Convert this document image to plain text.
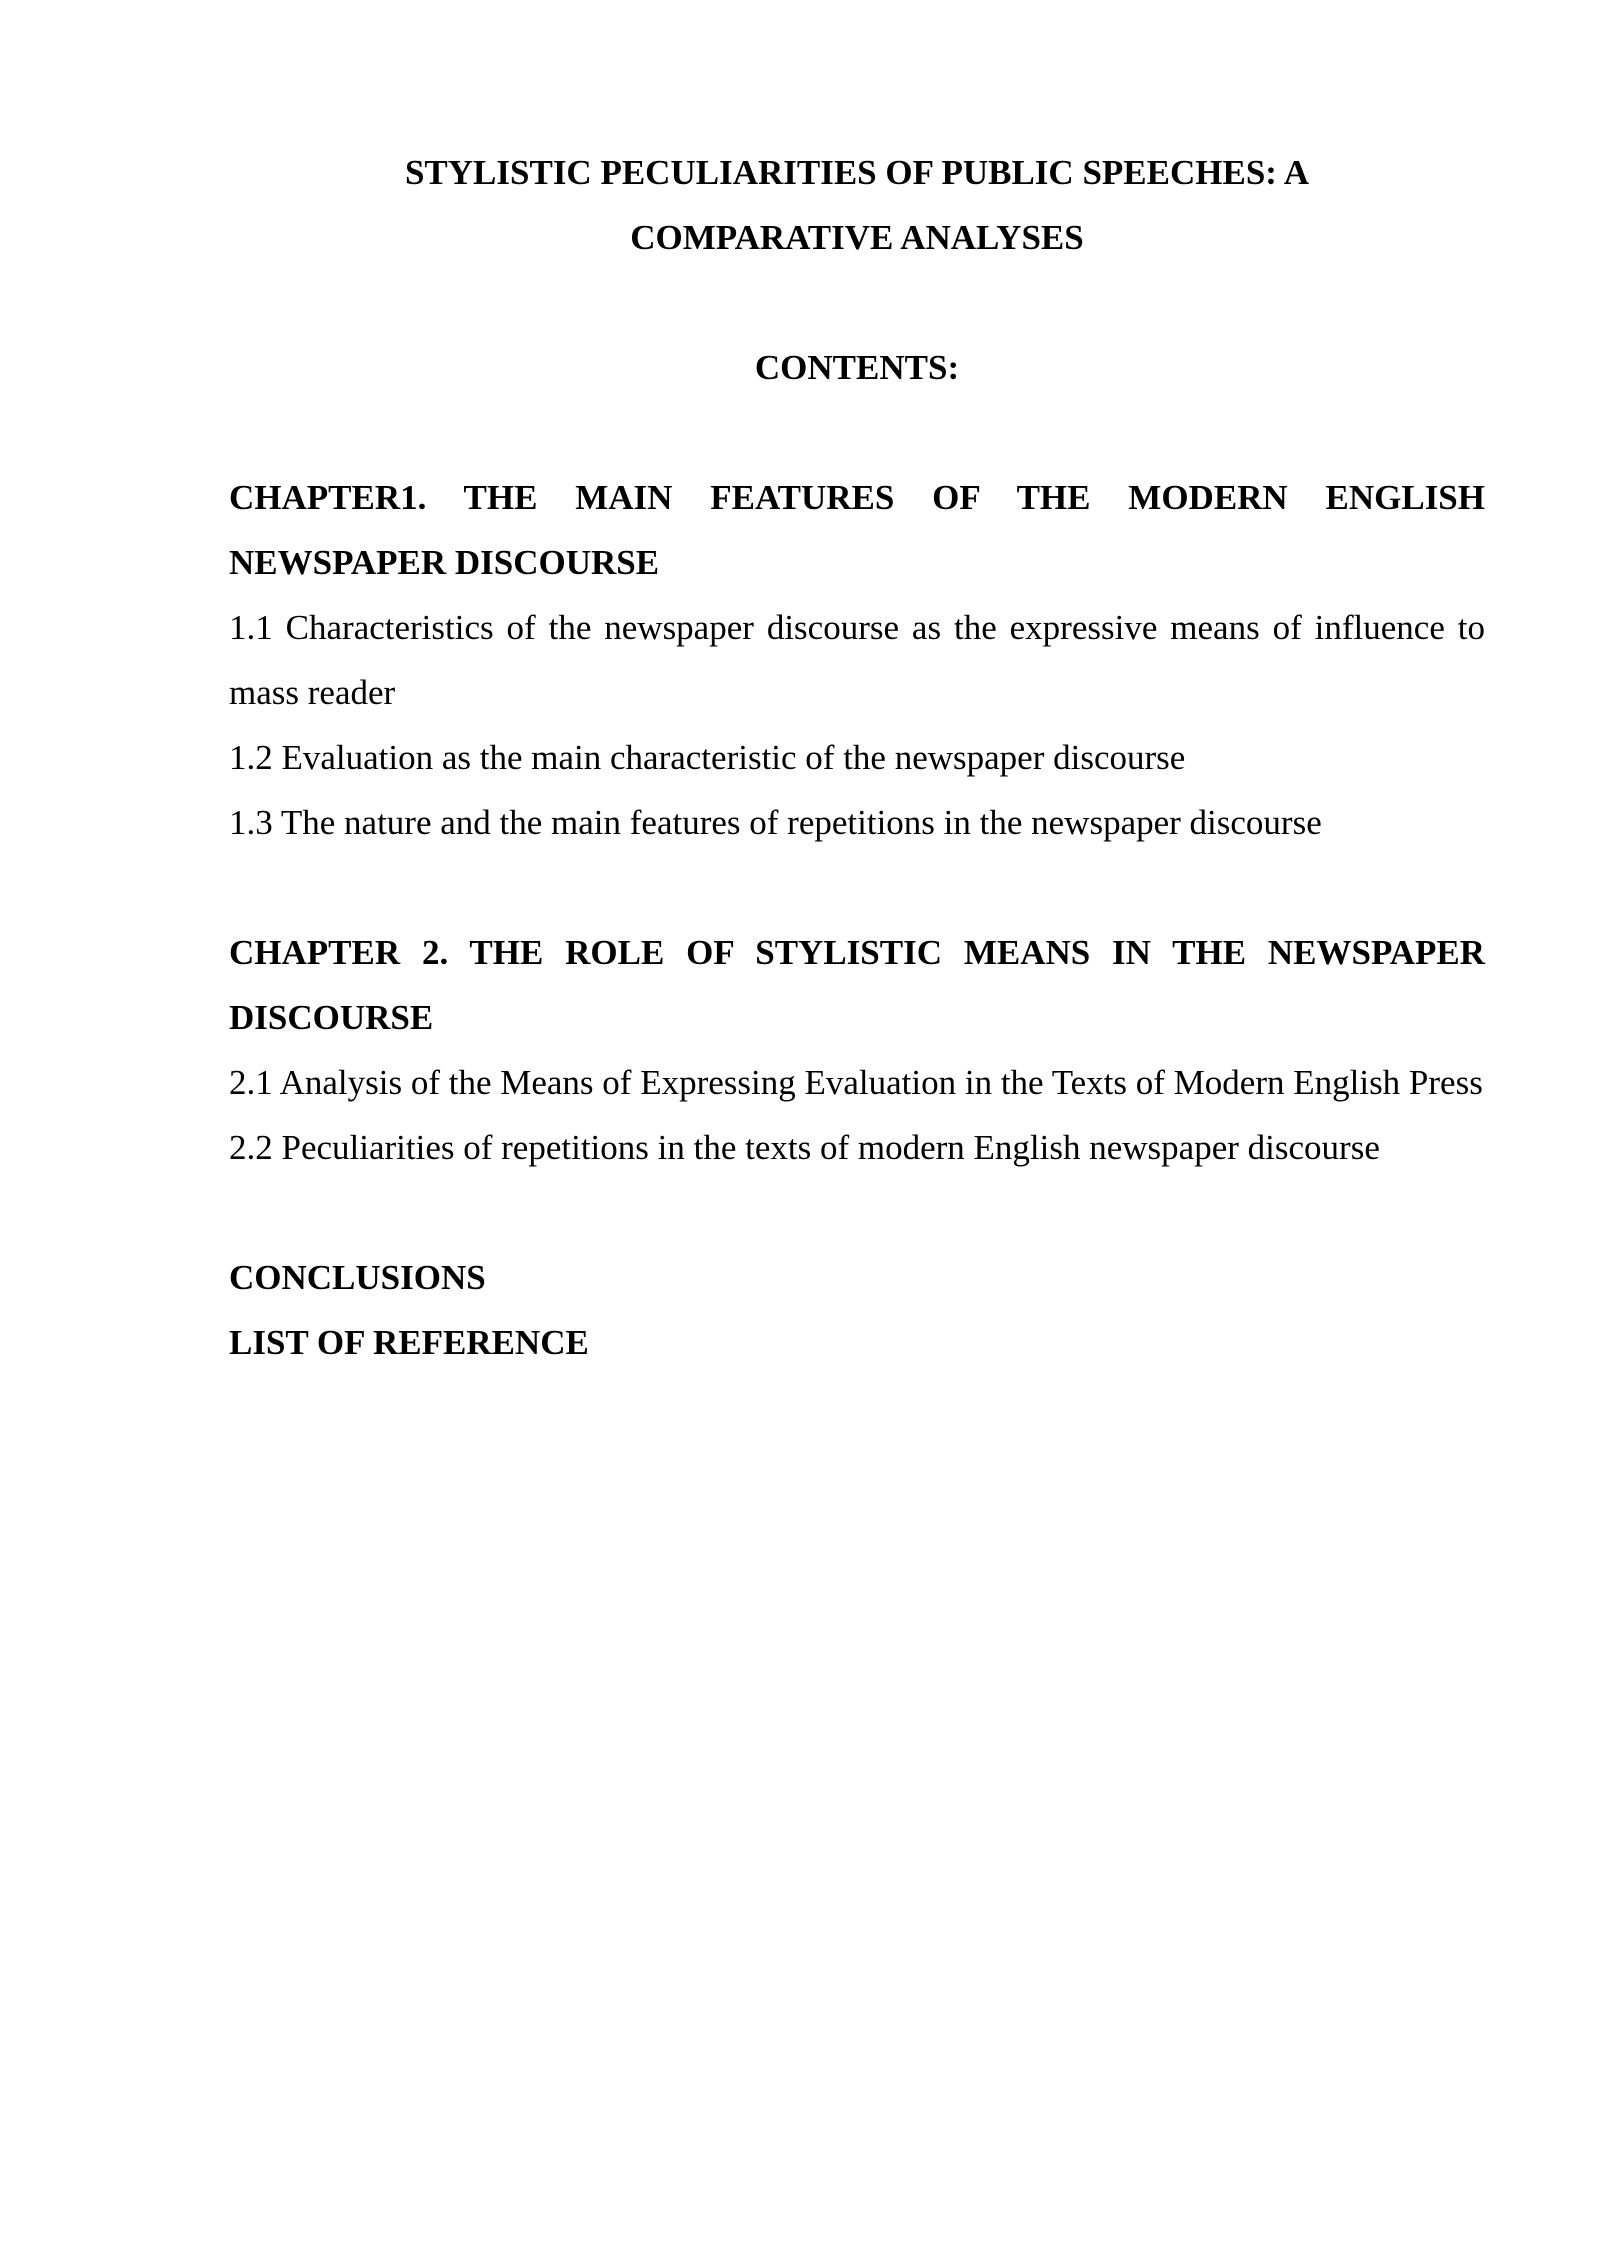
STYLISTIC PECULIARITIES OF PUBLIC SPEECHES: A

COMPARATIVE ANALYSES

CONTENTS:

CHAPTER1. THE MAIN FEATURES OF THE MODERN ENGLISH NEWSPAPER DISCOURSE

1.1 Characteristics of the newspaper discourse as the expressive means of influence to mass reader

1.2 Evaluation as the main characteristic of the newspaper discourse

1.3 The nature and the main features of repetitions in the newspaper discourse

CHAPTER 2. THE ROLE OF STYLISTIC MEANS IN THE NEWSPAPER DISCOURSE

2.1 Analysis of the Means of Expressing Evaluation in the Texts of Modern English Press

2.2 Peculiarities of repetitions in the texts of modern English newspaper discourse

CONCLUSIONS

LIST OF REFERENCE
